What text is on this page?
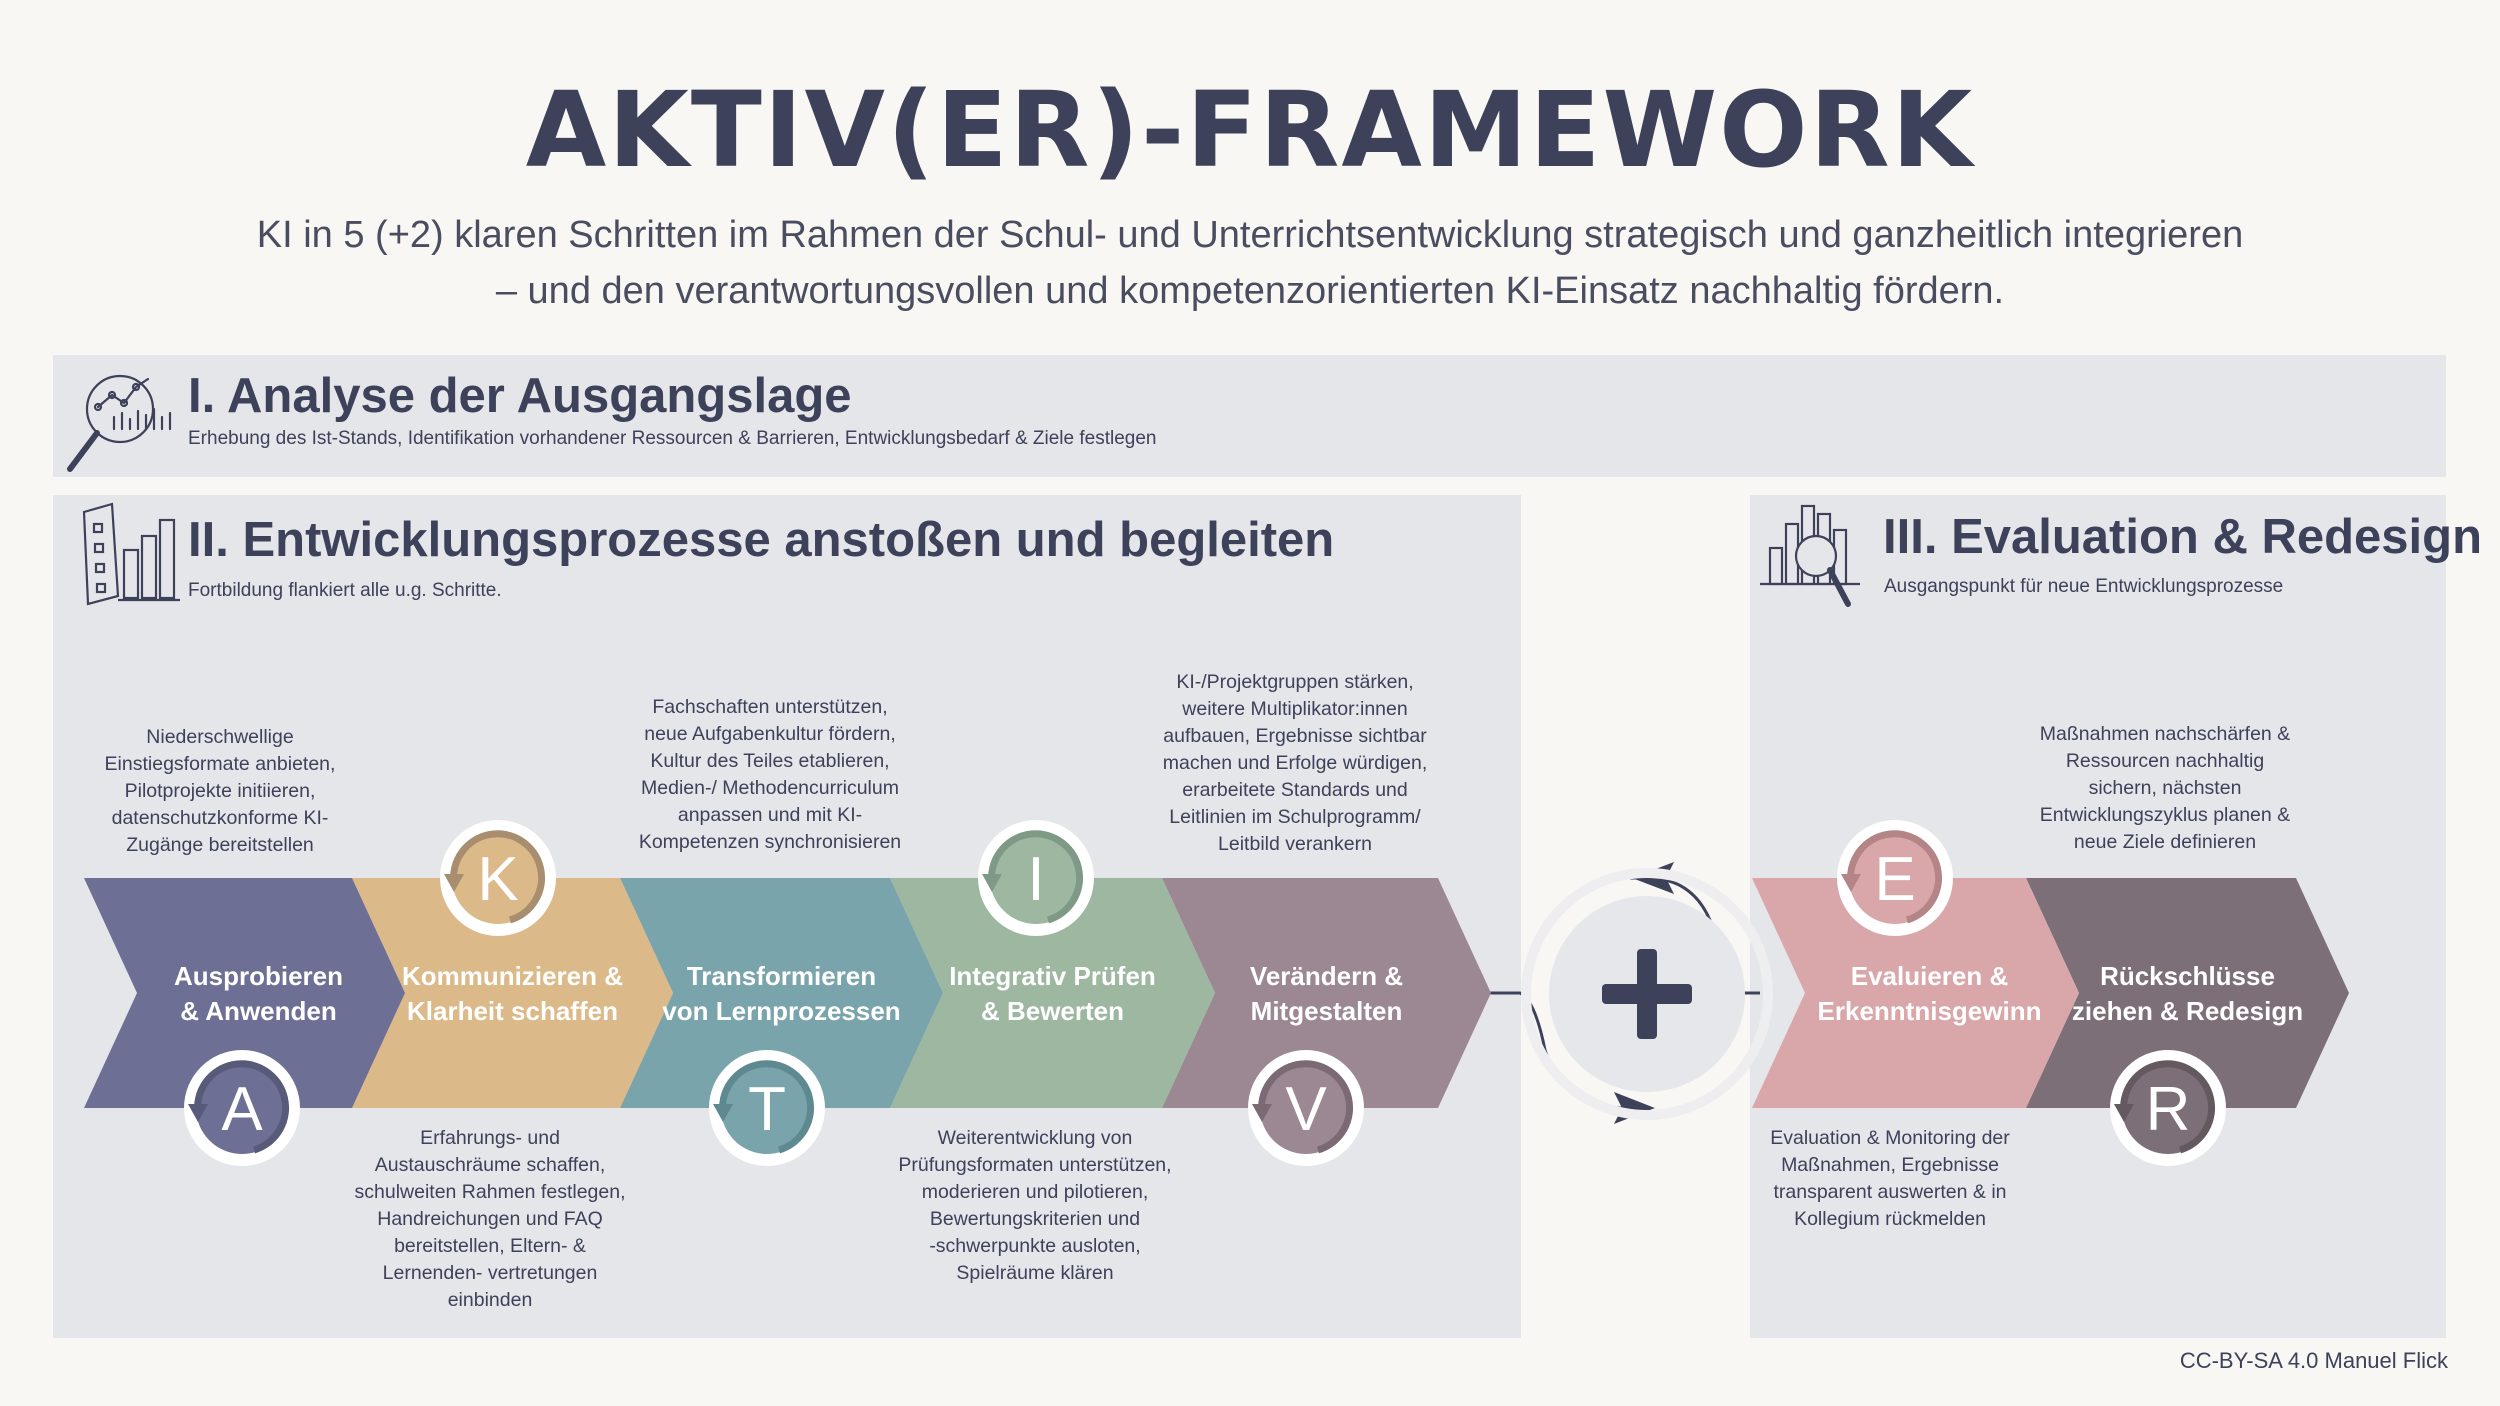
AKTIV(ER)-FRAMEWORK
KI in 5 (+2) klaren Schritten im Rahmen der Schul- und Unterrichtsentwicklung strategisch und ganzheitlich integrieren
– und den verantwortungsvollen und kompetenzorientierten KI-Einsatz nachhaltig fördern.
I. Analyse der Ausgangslage
Erhebung des Ist-Stands, Identifikation vorhandener Ressourcen & Barrieren, Entwicklungsbedarf & Ziele festlegen
II. Entwicklungsprozesse anstoßen und begleiten
Fortbildung flankiert alle u.g. Schritte.
III. Evaluation & Redesign
Ausgangspunkt für neue Entwicklungsprozesse
Ausprobieren
& Anwenden
A
Kommunizieren &
Klarheit schaffen
K
Transformieren
von Lernprozessen
T
Integrativ Prüfen
& Bewerten
I
Verändern &
Mitgestalten
V
Evaluieren &
Erkenntnisgewinn
E
Rückschlüsse
ziehen & Redesign
R
Niederschwellige
Einstiegsformate anbieten,
Pilotprojekte initiieren,
datenschutzkonforme KI-
Zugänge bereitstellen
Erfahrungs- und
Austauschräume schaffen,
schulweiten Rahmen festlegen,
Handreichungen und FAQ
bereitstellen, Eltern- &
Lernenden- vertretungen
einbinden
Fachschaften unterstützen,
neue Aufgabenkultur fördern,
Kultur des Teiles etablieren,
Medien-/ Methodencurriculum
anpassen und mit KI-
Kompetenzen synchronisieren
Weiterentwicklung von
Prüfungsformaten unterstützen,
moderieren und pilotieren,
Bewertungskriterien und
-schwerpunkte ausloten,
Spielräume klären
KI-/Projektgruppen stärken,
weitere Multiplikator:innen
aufbauen, Ergebnisse sichtbar
machen und Erfolge würdigen,
erarbeitete Standards und
Leitlinien im Schulprogramm/
Leitbild verankern
Evaluation & Monitoring der
Maßnahmen, Ergebnisse
transparent auswerten & in
Kollegium rückmelden
Maßnahmen nachschärfen &
Ressourcen nachhaltig
sichern, nächsten
Entwicklungszyklus planen &
neue Ziele definieren
CC-BY-SA 4.0 Manuel Flick
